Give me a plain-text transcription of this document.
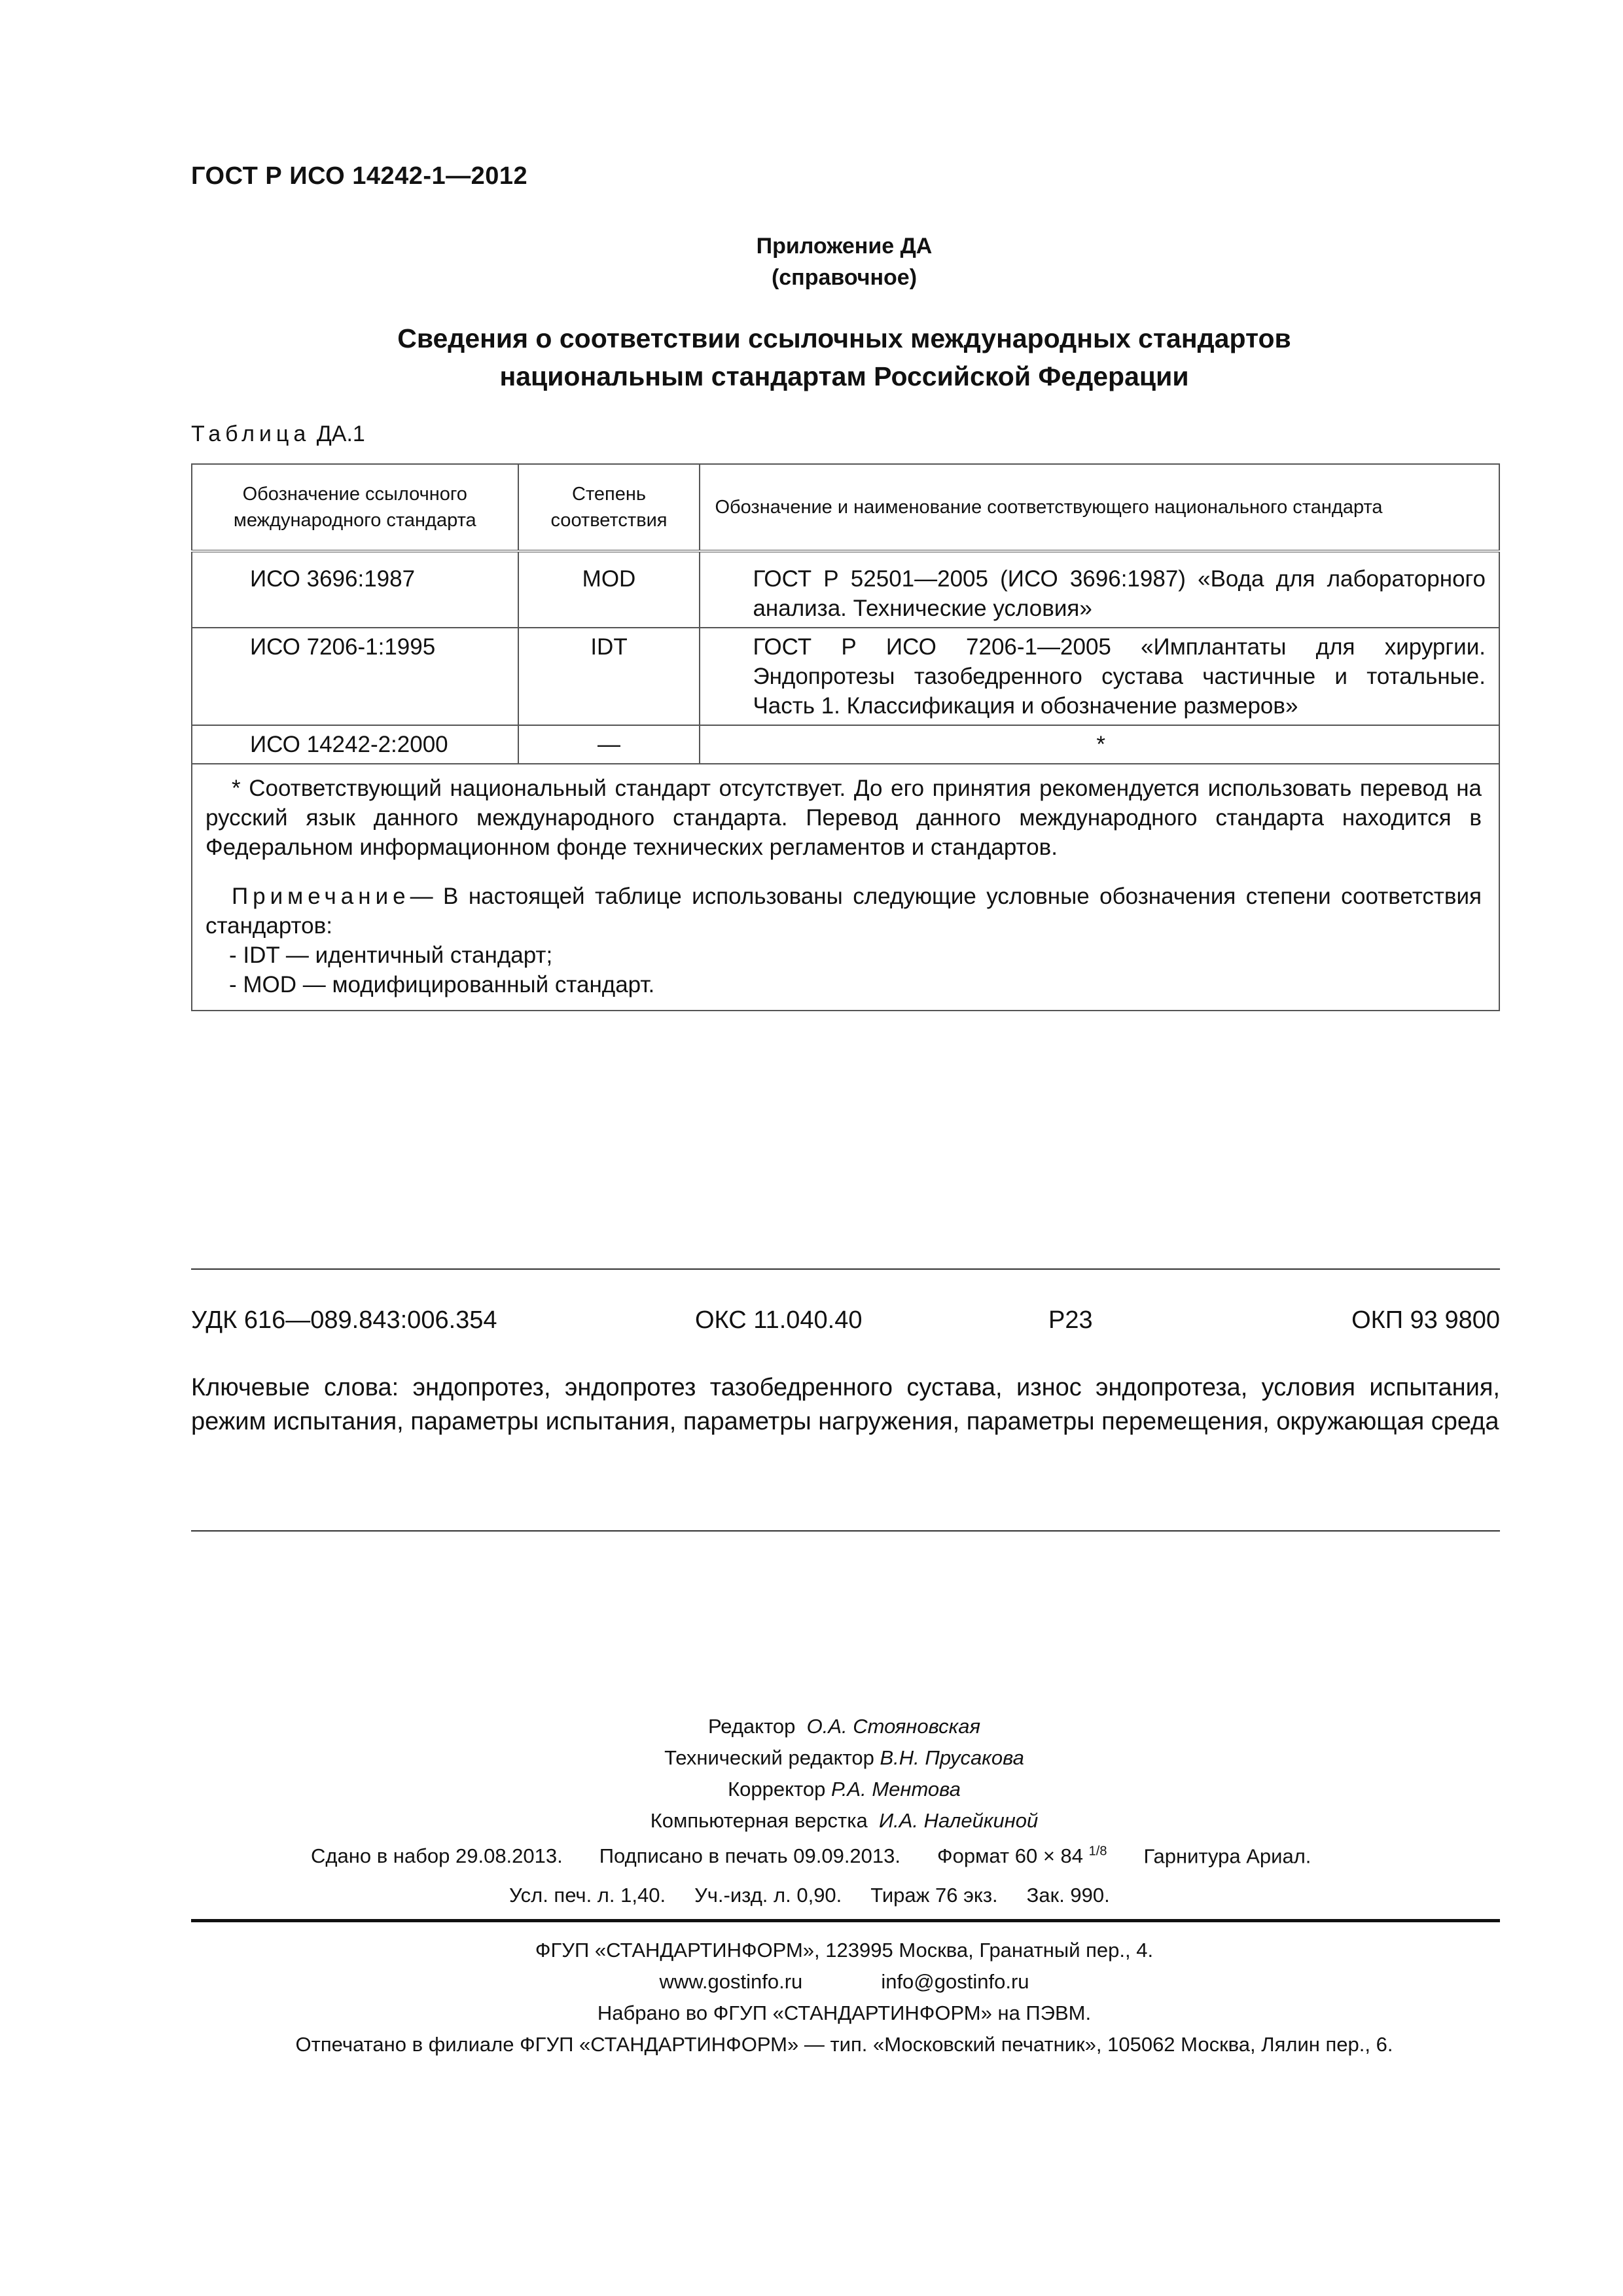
ГОСТ Р ИСО 14242-1—2012
Приложение ДА
(справочное)
Сведения о соответствии ссылочных международных стандартов
национальным стандартам Российской Федерации
Таблица ДА.1
Обозначение ссылочного международного стандарта	Степень соответствия	Обозначение и наименование соответствующего национального стандарта
ИСО 3696:1987	MOD	ГОСТ Р 52501—2005 (ИСО 3696:1987) «Вода для лабораторного анализа. Технические условия»

ИСО 7206-1:1995	IDT	ГОСТ Р ИСО 7206-1—2005 «Имплантаты для хирургии. Эндопротезы тазобедренного сустава частичные и тотальные. Часть 1. Классификация и обозначение размеров»

ИСО 14242-2:2000	—	*

* Соответствующий национальный стандарт отсутствует. До его принятия рекомендуется использовать перевод на русский язык данного международного стандарта. Перевод данного международного стандарта находится в Федеральном информационном фонде технических регламентов и стандартов.

Примечание— В настоящей таблице использованы следующие условные обозначения степени соответствия стандартов:
- IDT — идентичный стандарт;
- MOD — модифицированный стандарт.		
УДК 616—089.843:006.354	ОКС 11.040.40	Р23	ОКП 93 9800
Ключевые слова: эндопротез, эндопротез тазобедренного сустава, износ эндопротеза, условия испытания, режим испытания, параметры испытания, параметры нагружения, параметры перемещения, окружающая среда
Редактор О.А. Стояновская
Технический редактор В.Н. Прусакова
Корректор Р.А. Ментова
Компьютерная верстка И.А. Налейкиной
Сдано в набор 29.08.2013. Подписано в печать 09.09.2013. Формат 60 × 84 $^{1/8}$ Гарнитура Ариал.
Усл. печ. л. 1,40. Уч.-изд. л. 0,90. Тираж 76 экз. Зак. 990.
ФГУП «СТАНДАРТИНФОРМ», 123995 Москва, Гранатный пер., 4.
www.gostinfo.ru	info@gostinfo.ru
Набрано во ФГУП «СТАНДАРТИНФОРМ» на ПЭВМ.
Отпечатано в филиале ФГУП «СТАНДАРТИНФОРМ» — тип. «Московский печатник», 105062 Москва, Лялин пер., 6.
